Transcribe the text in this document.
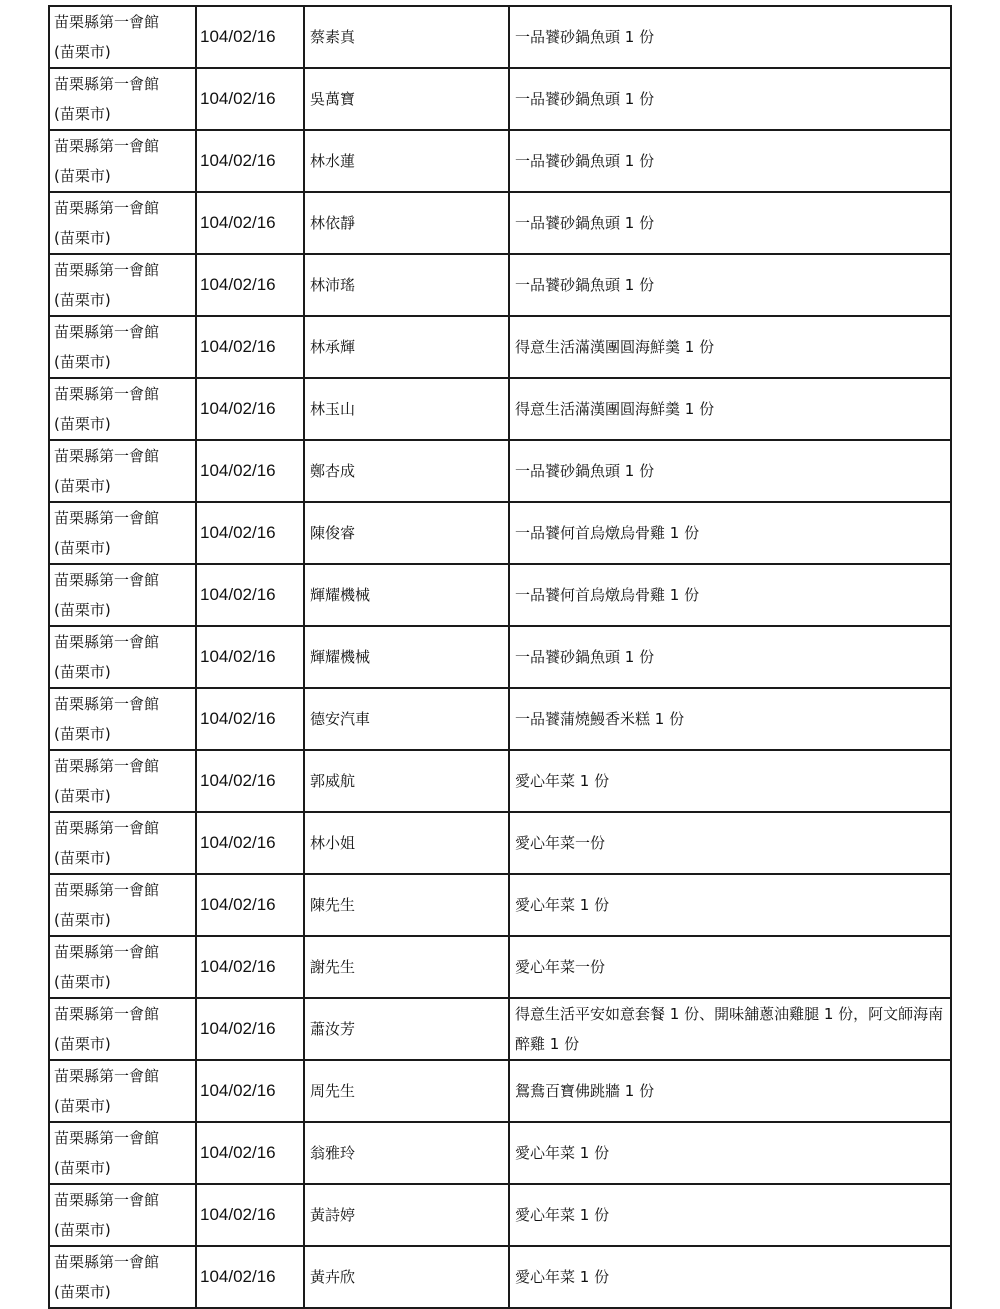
苗栗縣第一會館
(苗栗市)	104/02/16	蔡素真	一品饕砂鍋魚頭 1 份

苗栗縣第一會館
(苗栗市)	104/02/16	吳萬寶	一品饕砂鍋魚頭 1 份

苗栗縣第一會館
(苗栗市)	104/02/16	林水蓮	一品饕砂鍋魚頭 1 份

苗栗縣第一會館
(苗栗市)	104/02/16	林依靜	一品饕砂鍋魚頭 1 份

苗栗縣第一會館
(苗栗市)	104/02/16	林沛瑤	一品饕砂鍋魚頭 1 份

苗栗縣第一會館
(苗栗市)	104/02/16	林承輝	得意生活滿漢團圓海鮮羹 1 份

苗栗縣第一會館
(苗栗市)	104/02/16	林玉山	得意生活滿漢團圓海鮮羹 1 份

苗栗縣第一會館
(苗栗市)	104/02/16	鄭杏成	一品饕砂鍋魚頭 1 份

苗栗縣第一會館
(苗栗市)	104/02/16	陳俊睿	一品饕何首烏燉烏骨雞 1 份

苗栗縣第一會館
(苗栗市)	104/02/16	輝耀機械	一品饕何首烏燉烏骨雞 1 份

苗栗縣第一會館
(苗栗市)	104/02/16	輝耀機械	一品饕砂鍋魚頭 1 份

苗栗縣第一會館
(苗栗市)	104/02/16	德安汽車	一品饕蒲燒鰻香米糕 1 份

苗栗縣第一會館
(苗栗市)	104/02/16	郭威航	愛心年菜 1 份

苗栗縣第一會館
(苗栗市)	104/02/16	林小姐	愛心年菜一份

苗栗縣第一會館
(苗栗市)	104/02/16	陳先生	愛心年菜 1 份

苗栗縣第一會館
(苗栗市)	104/02/16	謝先生	愛心年菜一份

苗栗縣第一會館
(苗栗市)	104/02/16	蕭汝芳	得意生活平安如意套餐 1 份、開味舖蔥油雞腿 1 份，阿文師海南醉雞 1 份

苗栗縣第一會館
(苗栗市)	104/02/16	周先生	鴛鴦百寶佛跳牆 1 份

苗栗縣第一會館
(苗栗市)	104/02/16	翁雅玲	愛心年菜 1 份

苗栗縣第一會館
(苗栗市)	104/02/16	黃詩婷	愛心年菜 1 份

苗栗縣第一會館
(苗栗市)	104/02/16	黃卉欣	愛心年菜 1 份
